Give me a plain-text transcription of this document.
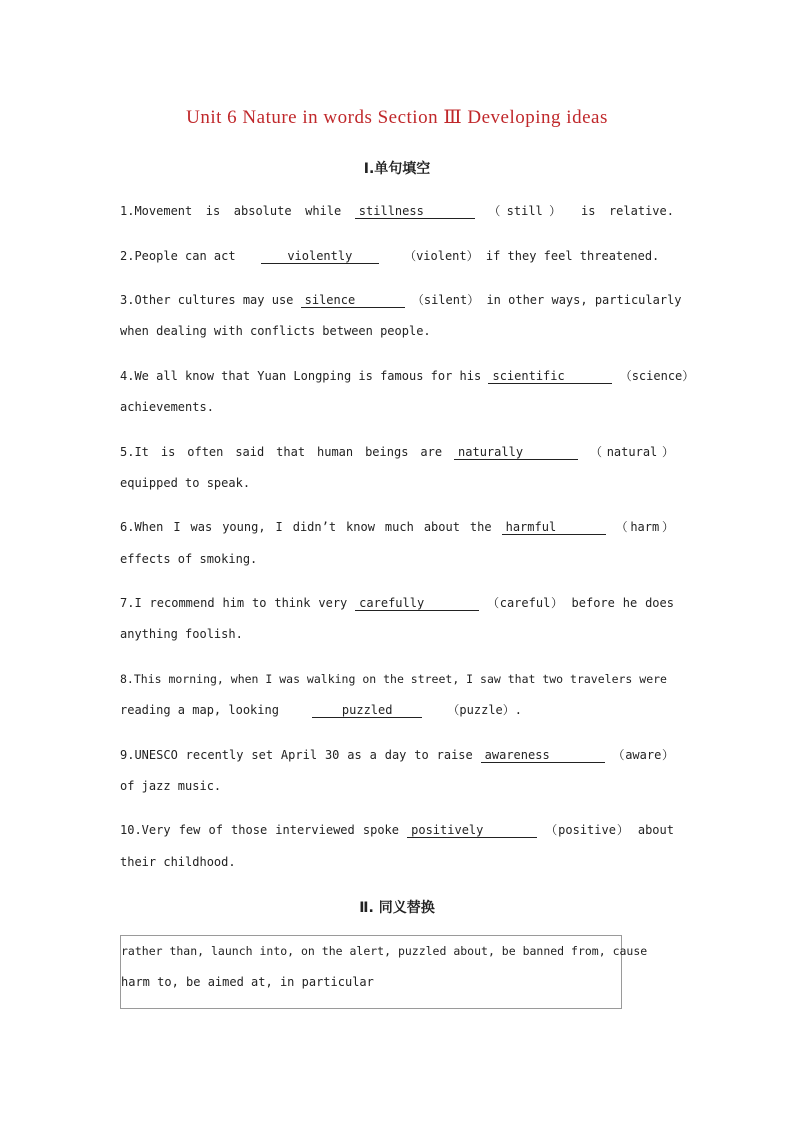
Unit 6 Nature in words Section Ⅲ Developing ideas
Ⅰ.单句填空
1.Movement is absolute while stillness	（still） is relative.
2.People can act	violently	（violent） if they feel threatened.
3.Other cultures may use silence	（silent） in other ways, particularly
when dealing with conflicts between people.
4.We all know that Yuan Longping is famous for his scientific	（science）
achievements.
5.It is often said that human beings are naturally	（natural）
equipped to speak.
6.When I was young, I didn’t know much about the harmful	（harm）
effects of smoking.
7.I recommend him to think very carefully	（careful） before he does
anything foolish.
8.This morning, when I was walking on the street, I saw that two travelers were
reading a map, looking	puzzled	（puzzle）.
9.UNESCO recently set April 30 as a day to raise awareness	（aware）
of jazz music.
10.Very few of those interviewed spoke positively	（positive） about
their childhood.
Ⅱ. 同义替换
rather than, launch into, on the alert, puzzled about, be banned from, cause
harm to, be aimed at, in particular
